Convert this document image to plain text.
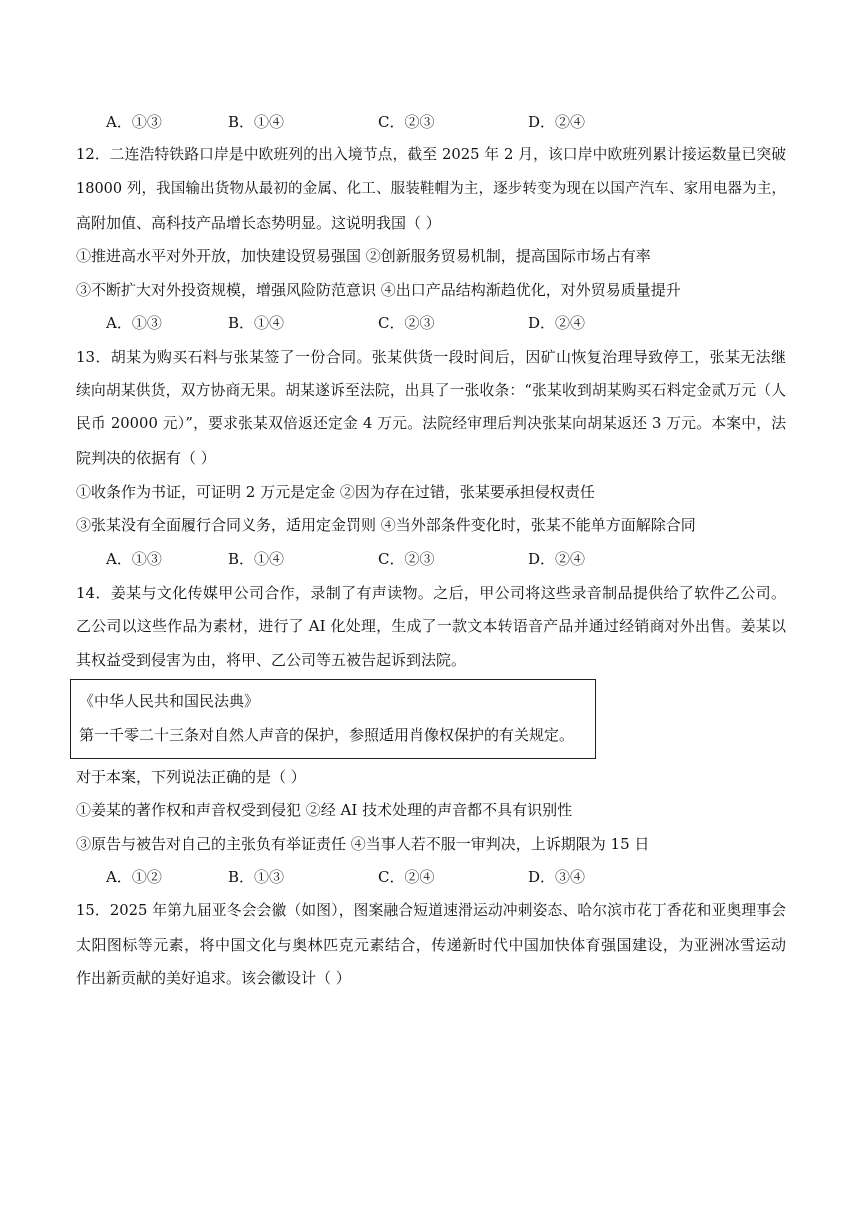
A．①③	B．①④	C．②③	D．②④
12．二连浩特铁路口岸是中欧班列的出入境节点，截至 2025 年 2 月，该口岸中欧班列累计接运数量已突破
18000 列，我国输出货物从最初的金属、化工、服装鞋帽为主，逐步转变为现在以国产汽车、家用电器为主，
高附加值、高科技产品增长态势明显。这说明我国（ ）
①推进高水平对外开放，加快建设贸易强国 ②创新服务贸易机制，提高国际市场占有率
③不断扩大对外投资规模，增强风险防范意识 ④出口产品结构渐趋优化，对外贸易质量提升
A．①③	B．①④	C．②③	D．②④
13．胡某为购买石料与张某签了一份合同。张某供货一段时间后，因矿山恢复治理导致停工，张某无法继
续向胡某供货，双方协商无果。胡某遂诉至法院，出具了一张收条：“张某收到胡某购买石料定金贰万元（人
民币 20000 元）”，要求张某双倍返还定金 4 万元。法院经审理后判决张某向胡某返还 3 万元。本案中，法
院判决的依据有（ ）
①收条作为书证，可证明 2 万元是定金 ②因为存在过错，张某要承担侵权责任
③张某没有全面履行合同义务，适用定金罚则 ④当外部条件变化时，张某不能单方面解除合同
A．①③	B．①④	C．②③	D．②④
14．姜某与文化传媒甲公司合作，录制了有声读物。之后，甲公司将这些录音制品提供给了软件乙公司。
乙公司以这些作品为素材，进行了 AI 化处理，生成了一款文本转语音产品并通过经销商对外出售。姜某以
其权益受到侵害为由，将甲、乙公司等五被告起诉到法院。
《中华人民共和国民法典》
第一千零二十三条对自然人声音的保护，参照适用肖像权保护的有关规定。
对于本案，下列说法正确的是（ ）
①姜某的著作权和声音权受到侵犯 ②经 AI 技术处理的声音都不具有识别性
③原告与被告对自己的主张负有举证责任 ④当事人若不服一审判决，上诉期限为 15 日
A．①②	B．①③	C．②④	D．③④
15．2025 年第九届亚冬会会徽（如图），图案融合短道速滑运动冲刺姿态、哈尔滨市花丁香花和亚奥理事会
太阳图标等元素，将中国文化与奥林匹克元素结合，传递新时代中国加快体育强国建设，为亚洲冰雪运动
作出新贡献的美好追求。该会徽设计（ ）
